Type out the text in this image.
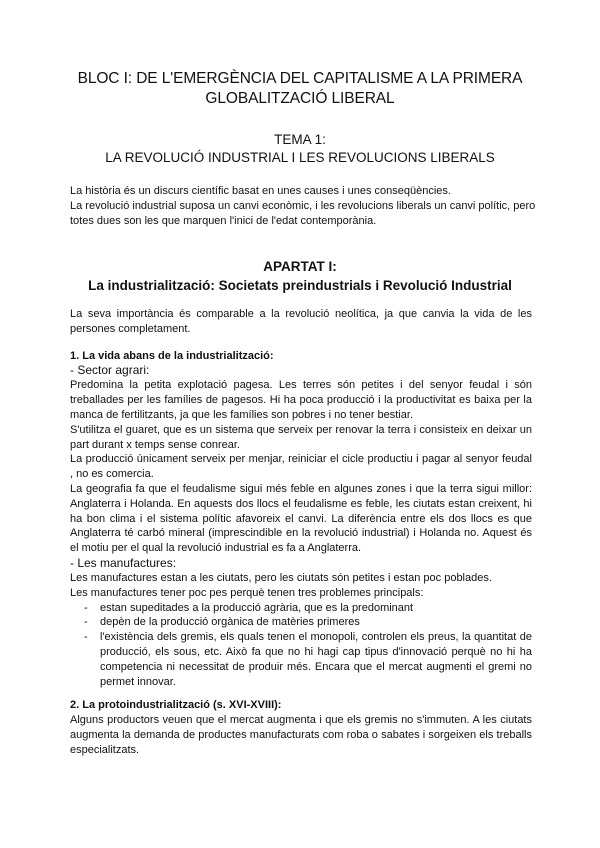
BLOC I: DE L'EMERGÈNCIA DEL CAPITALISME A LA PRIMERA
GLOBALITZACIÓ LIBERAL
TEMA 1:
LA REVOLUCIÓ INDUSTRIAL I LES REVOLUCIONS LIBERALS
La història és un discurs científic basat en unes causes i unes conseqüències.
La revolució industrial suposa un canvi econòmic, i les revolucions liberals un canvi polític, pero totes dues son les que marquen l'inici de l'edat contemporània.
APARTAT I:
La industrialització: Societats preindustrials i Revolució Industrial

La seva importància és comparable a la revolució neolítica, ja que canvia la vida de les persones completament.

1. La vida abans de la industrialització:

- Sector agrari:

Predomina la petita explotació pagesa. Les terres són petites i del senyor feudal i són treballades per les famílies de pagesos. Hi ha poca producció i la productivitat es baixa per la manca de fertilitzants, ja que les famílies son pobres i no tener bestiar.

S'utilitza el guaret, que es un sistema que serveix per renovar la terra i consisteix en deixar un part durant x temps sense conrear.

La producció únicament serveix per menjar, reiniciar el cicle productiu i pagar al senyor feudal , no es comercia.

La geografia fa que el feudalisme sigui més feble en algunes zones i que la terra sigui millor: Anglaterra i Holanda. En aquests dos llocs el feudalisme es feble, les ciutats estan creixent, hi ha bon clima i el sistema polític afavoreix el canvi. La diferència entre els dos llocs es que Anglaterra té carbó mineral (imprescindible en la revolució industrial) i Holanda no. Aquest és el motiu per el qual la revolució industrial es fa a Anglaterra.

- Les manufactures:

Les manufactures estan a les ciutats, pero les ciutats són petites i estan poc poblades.

Les manufactures tener poc pes perquè tenen tres problemes principals:

- estan supeditades a la producció agrària, que es la predominant
- depèn de la producció orgànica de matèries primeres
- l'existència dels gremis, els quals tenen el monopoli, controlen els preus, la quantitat de producció, els sous, etc. Això fa que no hi hagi cap tipus d'innovació perquè no hi ha competencia ni necessitat de produir més. Encara que el mercat augmenti el gremi no permet innovar.

2. La protoindustrialització (s. XVI-XVIII):

Alguns productors veuen que el mercat augmenta i que els gremis no s'immuten. A les ciutats augmenta la demanda de productes manufacturats com roba o sabates i sorgeixen els treballs especialitzats.
